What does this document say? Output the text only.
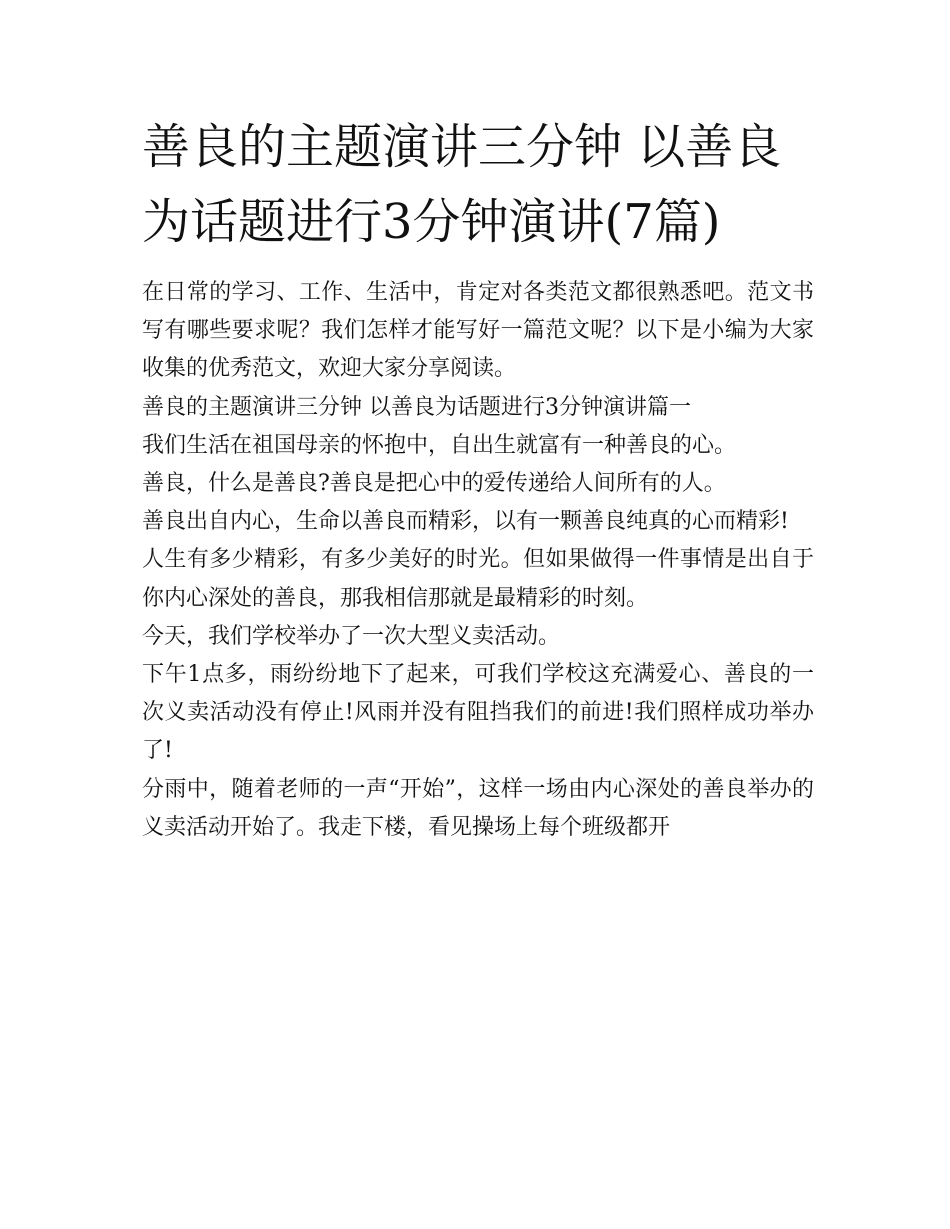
善良的主题演讲三分钟 以善良为话题进行3分钟演讲(7篇)

在日常的学习、工作、生活中，肯定对各类范文都很熟悉吧。范文书写有哪些要求呢？我们怎样才能写好一篇范文呢？以下是小编为大家收集的优秀范文，欢迎大家分享阅读。

善良的主题演讲三分钟 以善良为话题进行3分钟演讲篇一

我们生活在祖国母亲的怀抱中，自出生就富有一种善良的心。

善良，什么是善良?善良是把心中的爱传递给人间所有的人。

善良出自内心，生命以善良而精彩，以有一颗善良纯真的心而精彩!

人生有多少精彩，有多少美好的时光。但如果做得一件事情是出自于你内心深处的善良，那我相信那就是最精彩的时刻。

今天，我们学校举办了一次大型义卖活动。

下午1点多，雨纷纷地下了起来，可我们学校这充满爱心、善良的一次义卖活动没有停止!风雨并没有阻挡我们的前进!我们照样成功举办了!

分雨中，随着老师的一声“开始”，这样一场由内心深处的善良举办的义卖活动开始了。我走下楼，看见操场上每个班级都开
